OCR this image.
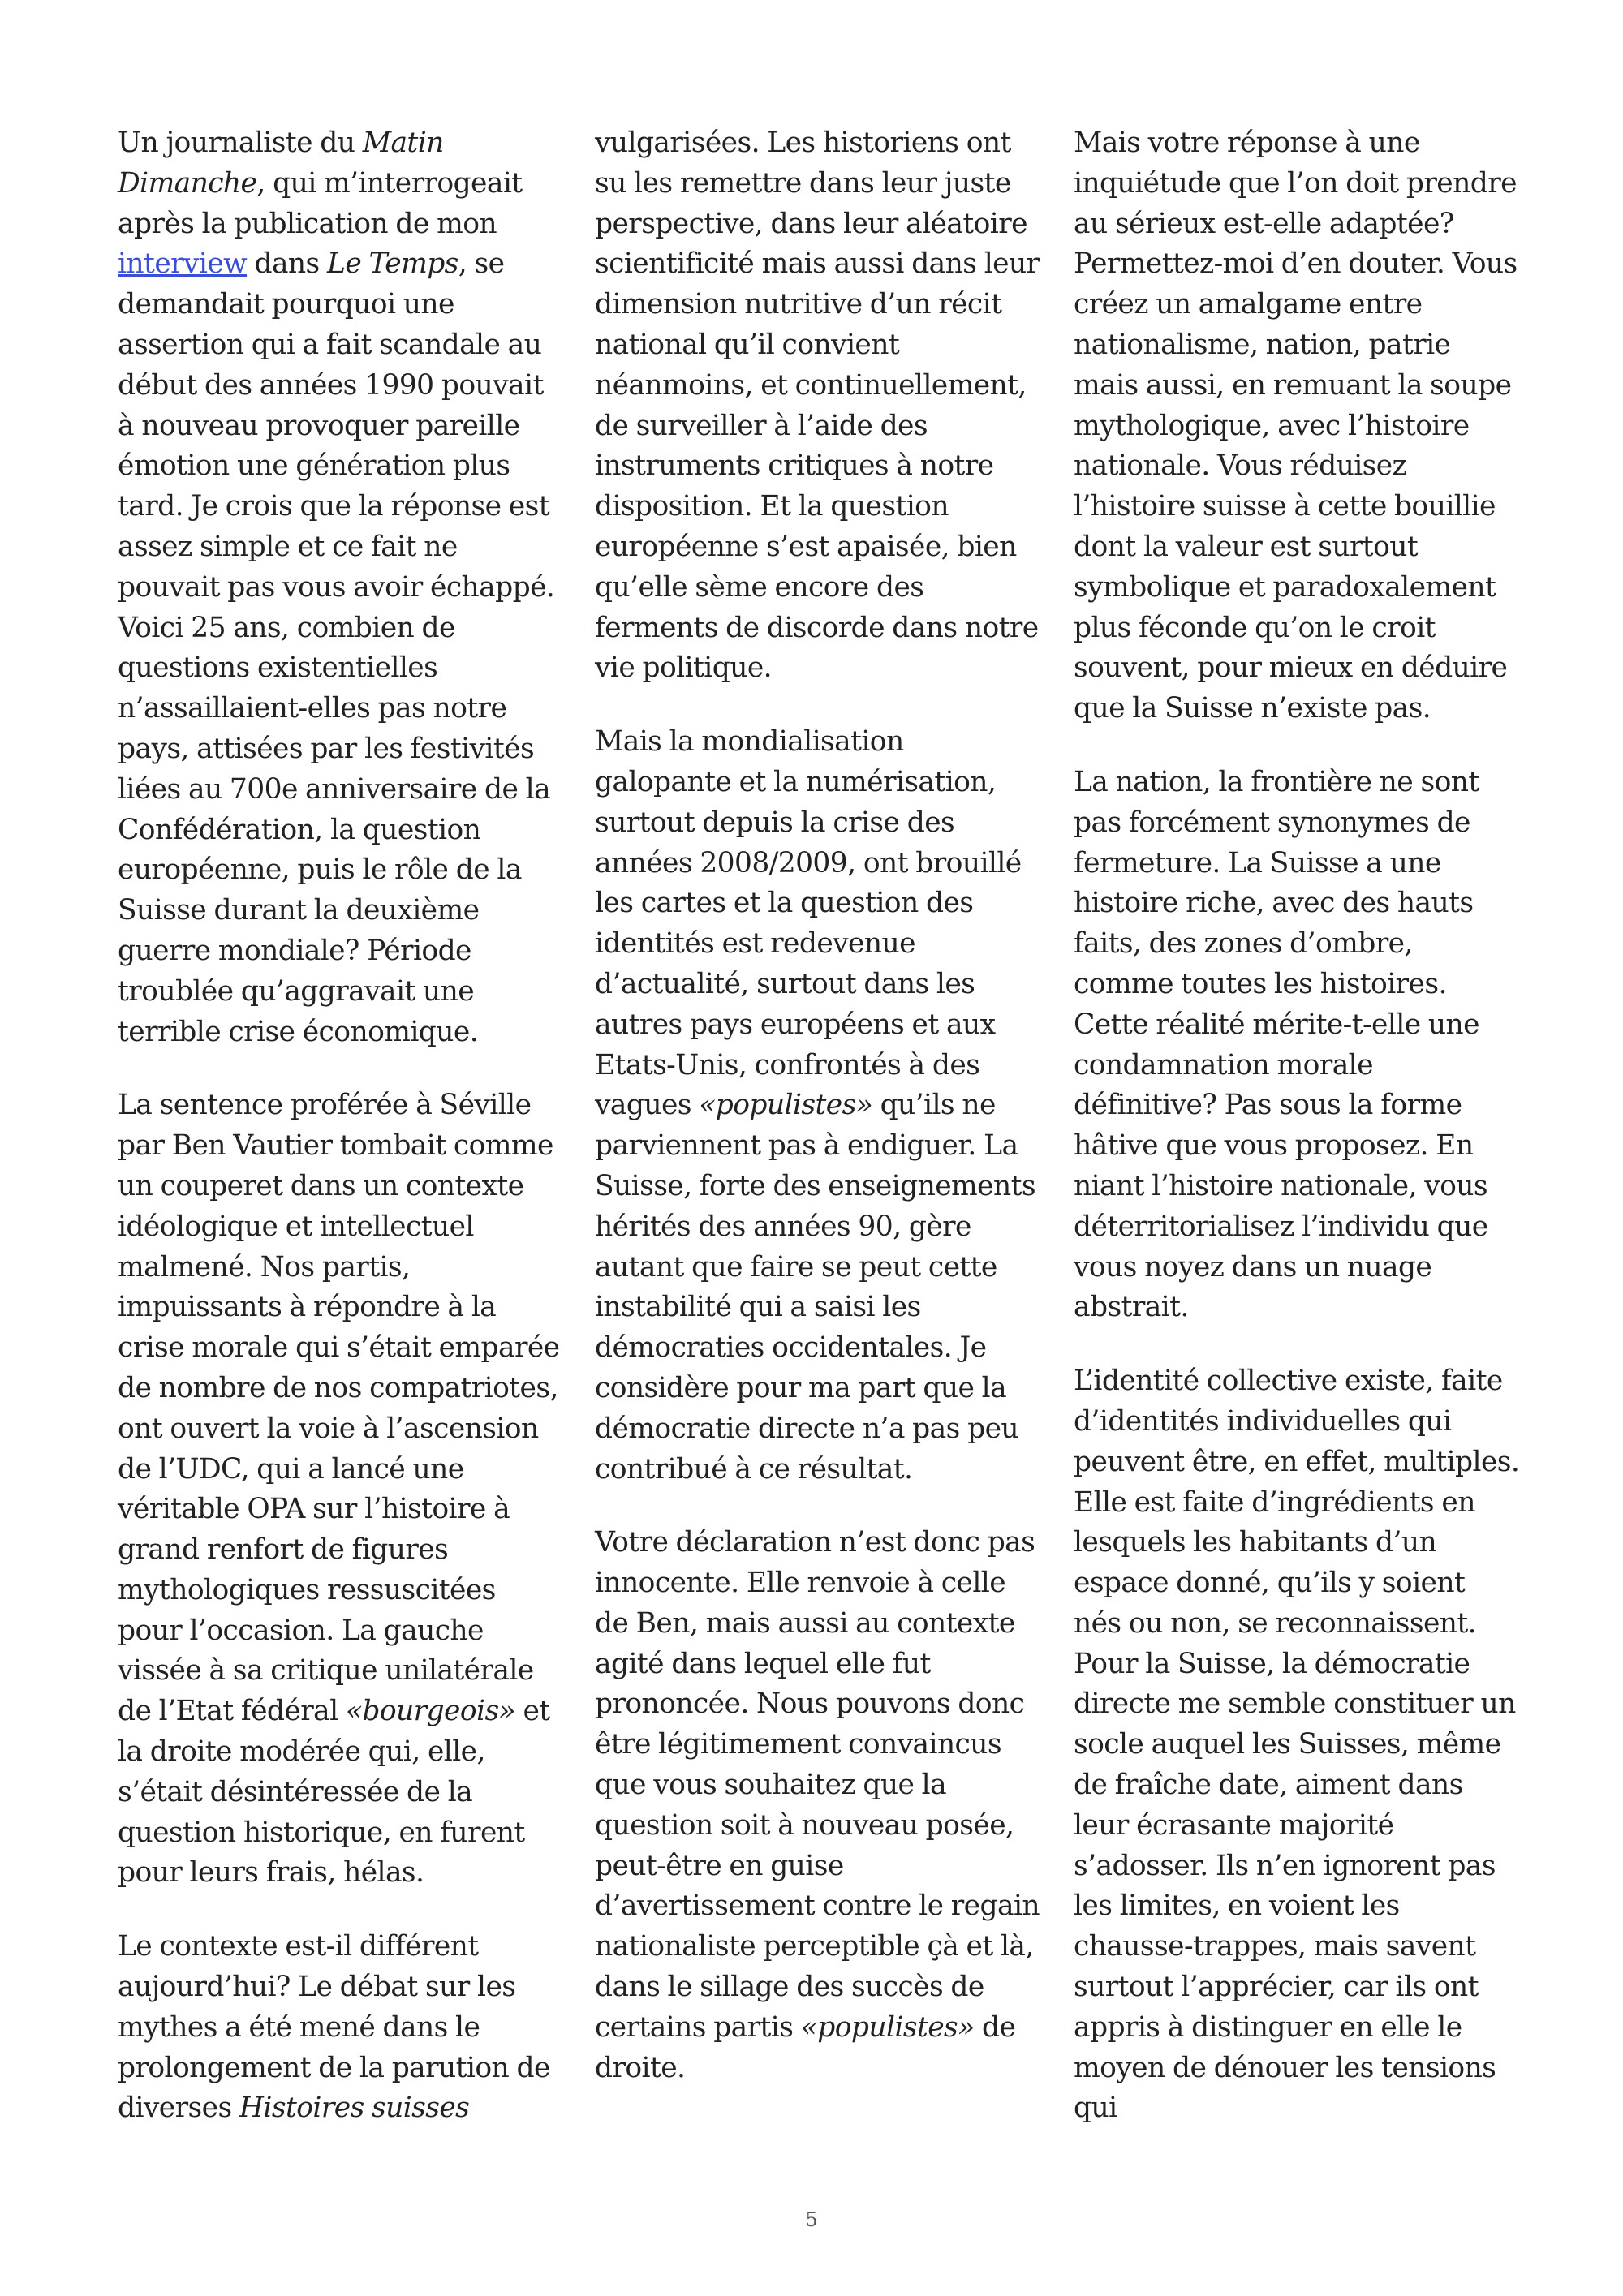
Un journaliste du Matin Dimanche, qui m’interrogeait après la publication de mon interview dans Le Temps, se demandait pourquoi une assertion qui a fait scandale au début des années 1990 pouvait à nouveau provoquer pareille émotion une génération plus tard. Je crois que la réponse est assez simple et ce fait ne pouvait pas vous avoir échappé. Voici 25 ans, combien de questions existentielles n’assaillaient-elles pas notre pays, attisées par les festivités liées au 700e anniversaire de la Confédération, la question européenne, puis le rôle de la Suisse durant la deuxième guerre mondiale? Période troublée qu’aggravait une terrible crise économique.

La sentence proférée à Séville par Ben Vautier tombait comme un couperet dans un contexte idéologique et intellectuel malmené. Nos partis, impuissants à répondre à la crise morale qui s’était emparée de nombre de nos compatriotes, ont ouvert la voie à l’ascension de l’UDC, qui a lancé une véritable OPA sur l’histoire à grand renfort de figures mythologiques ressuscitées pour l’occasion. La gauche vissée à sa critique unilatérale de l’Etat fédéral «bourgeois» et la droite modérée qui, elle, s’était désintéressée de la question historique, en furent pour leurs frais, hélas.

Le contexte est-il différent aujourd’hui? Le débat sur les mythes a été mené dans le prolongement de la parution de diverses Histoires suisses

vulgarisées. Les historiens ont su les remettre dans leur juste perspective, dans leur aléatoire scientificité mais aussi dans leur dimension nutritive d’un récit national qu’il convient néanmoins, et continuellement, de surveiller à l’aide des instruments critiques à notre disposition. Et la question européenne s’est apaisée, bien qu’elle sème encore des ferments de discorde dans notre vie politique.

Mais la mondialisation galopante et la numérisation, surtout depuis la crise des années 2008/2009, ont brouillé les cartes et la question des identités est redevenue d’actualité, surtout dans les autres pays européens et aux Etats-Unis, confrontés à des vagues «populistes» qu’ils ne parviennent pas à endiguer. La Suisse, forte des enseignements hérités des années 90, gère autant que faire se peut cette instabilité qui a saisi les démocraties occidentales. Je considère pour ma part que la démocratie directe n’a pas peu contribué à ce résultat.

Votre déclaration n’est donc pas innocente. Elle renvoie à celle de Ben, mais aussi au contexte agité dans lequel elle fut prononcée. Nous pouvons donc être légitimement convaincus que vous souhaitez que la question soit à nouveau posée, peut-être en guise d’avertissement contre le regain nationaliste perceptible çà et là, dans le sillage des succès de certains partis «populistes» de droite.

Mais votre réponse à une inquiétude que l’on doit prendre au sérieux est-elle adaptée? Permettez-moi d’en douter. Vous créez un amalgame entre nationalisme, nation, patrie mais aussi, en remuant la soupe mythologique, avec l’histoire nationale. Vous réduisez l’histoire suisse à cette bouillie dont la valeur est surtout symbolique et paradoxalement plus féconde qu’on le croit souvent, pour mieux en déduire que la Suisse n’existe pas.

La nation, la frontière ne sont pas forcément synonymes de fermeture. La Suisse a une histoire riche, avec des hauts faits, des zones d’ombre, comme toutes les histoires. Cette réalité mérite-t-elle une condamnation morale définitive? Pas sous la forme hâtive que vous proposez. En niant l’histoire nationale, vous déterritorialisez l’individu que vous noyez dans un nuage abstrait.

L’identité collective existe, faite d’identités individuelles qui peuvent être, en effet, multiples. Elle est faite d’ingrédients en lesquels les habitants d’un espace donné, qu’ils y soient nés ou non, se reconnaissent. Pour la Suisse, la démocratie directe me semble constituer un socle auquel les Suisses, même de fraîche date, aiment dans leur écrasante majorité s’adosser. Ils n’en ignorent pas les limites, en voient les chausse-trappes, mais savent surtout l’apprécier, car ils ont appris à distinguer en elle le moyen de dénouer les tensions qui

5
